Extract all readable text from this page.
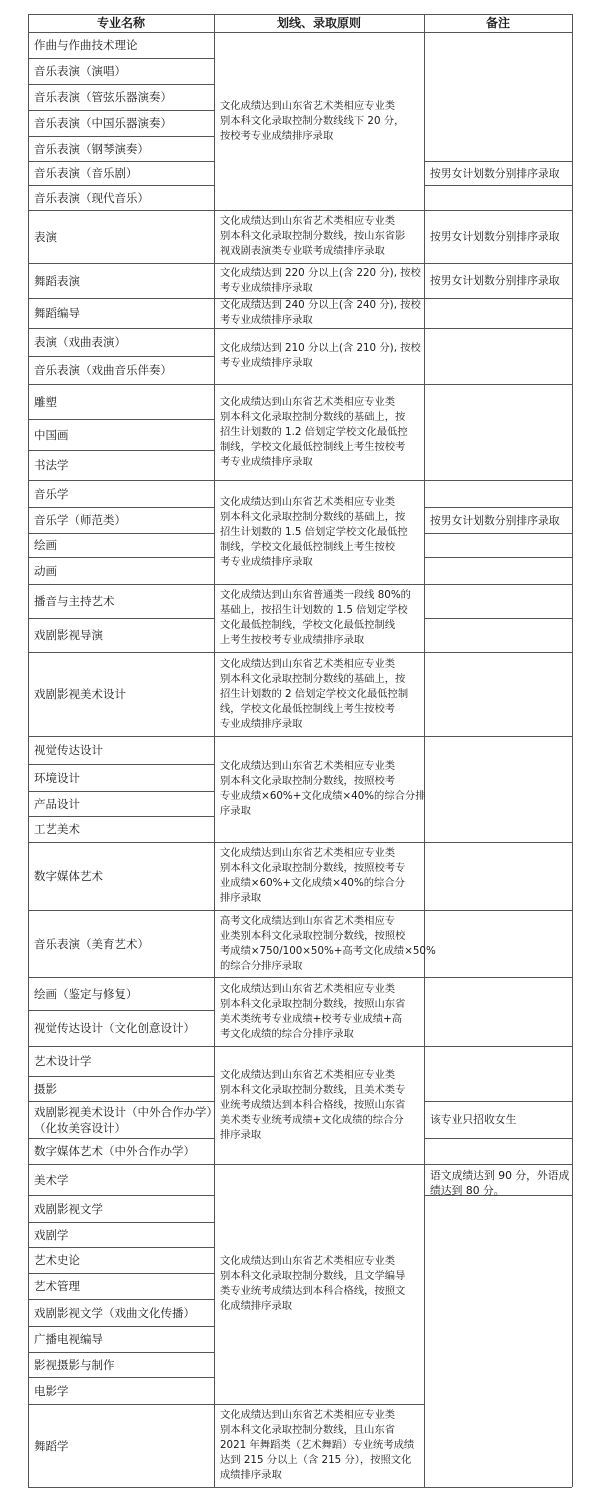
专业名称	划线、录取原则	备注
作曲与作曲技术理论
音乐表演（演唱）
音乐表演（管弦乐器演奏）
音乐表演（中国乐器演奏）
音乐表演（钢琴演奏）
音乐表演（音乐剧）
音乐表演（现代音乐）
表演
舞蹈表演
舞蹈编导
表演（戏曲表演）
音乐表演（戏曲音乐伴奏）
雕塑
中国画
书法学
音乐学
音乐学（师范类）
绘画
动画
播音与主持艺术
戏剧影视导演
戏剧影视美术设计
视觉传达设计
环境设计
产品设计
工艺美术
数字媒体艺术
音乐表演（美育艺术）
绘画（鉴定与修复）
视觉传达设计（文化创意设计）
艺术设计学
摄影
戏剧影视美术设计（中外合作办学）
（化妆美容设计）
数字媒体艺术（中外合作办学）
美术学
戏剧影视文学
戏剧学
艺术史论
艺术管理
戏剧影视文学（戏曲文化传播）
广播电视编导
影视摄影与制作
电影学
舞蹈学
文化成绩达到山东省艺术类相应专业类
别本科文化录取控制分数线线下 20 分，
按校考专业成绩排序录取
文化成绩达到山东省艺术类相应专业类
别本科文化录取控制分数线，按山东省影
视戏剧表演类专业联考成绩排序录取
文化成绩达到 220 分以上(含 220 分), 按校
考专业成绩排序录取
文化成绩达到 240 分以上(含 240 分), 按校
考专业成绩排序录取
文化成绩达到 210 分以上(含 210 分), 按校
考专业成绩排序录取
文化成绩达到山东省艺术类相应专业类
别本科文化录取控制分数线的基础上，按
招生计划数的 1.2 倍划定学校文化最低控
制线，学校文化最低控制线上考生按校考
考专业成绩排序录取
文化成绩达到山东省艺术类相应专业类
别本科文化录取控制分数线的基础上，按
招生计划数的 1.5 倍划定学校文化最低控
制线，学校文化最低控制线上考生按校
考专业成绩排序录取
文化成绩达到山东省普通类一段线 80%的
基础上，按招生计划数的 1.5 倍划定学校
文化最低控制线，学校文化最低控制线
上考生按校考专业成绩排序录取
文化成绩达到山东省艺术类相应专业类
别本科文化录取控制分数线的基础上，按
招生计划数的 2 倍划定学校文化最低控制
线，学校文化最低控制线上考生按校考
专业成绩排序录取
文化成绩达到山东省艺术类相应专业类
别本科文化录取控制分数线，按照校考
专业成绩×60%+文化成绩×40%的综合分排
序录取
文化成绩达到山东省艺术类相应专业类
别本科文化录取控制分数线，按照校考专
业成绩×60%+文化成绩×40%的综合分
排序录取
高考文化成绩达到山东省艺术类相应专
业类别本科文化录取控制分数线，按照校
考成绩×750/100×50%+高考文化成绩×50%
的综合分排序录取
文化成绩达到山东省艺术类相应专业类
别本科文化录取控制分数线，按照山东省
美术类统考专业成绩+校考专业成绩+高
考文化成绩的综合分排序录取
文化成绩达到山东省艺术类相应专业类
别本科文化录取控制分数线，且美术类专
业统考成绩达到本科合格线，按照山东省
美术类专业统考成绩+文化成绩的综合分
排序录取
文化成绩达到山东省艺术类相应专业类
别本科文化录取控制分数线，且文学编导
类专业统考成绩达到本科合格线，按照文
化成绩排序录取
文化成绩达到山东省艺术类相应专业类
别本科文化录取控制分数线，且山东省
2021 年舞蹈类（艺术舞蹈）专业统考成绩
达到 215 分以上（含 215 分），按照文化
成绩排序录取
按男女计划数分别排序录取
按男女计划数分别排序录取
按男女计划数分别排序录取
按男女计划数分别排序录取
该专业只招收女生
语文成绩达到 90 分，外语成
绩达到 80 分。
